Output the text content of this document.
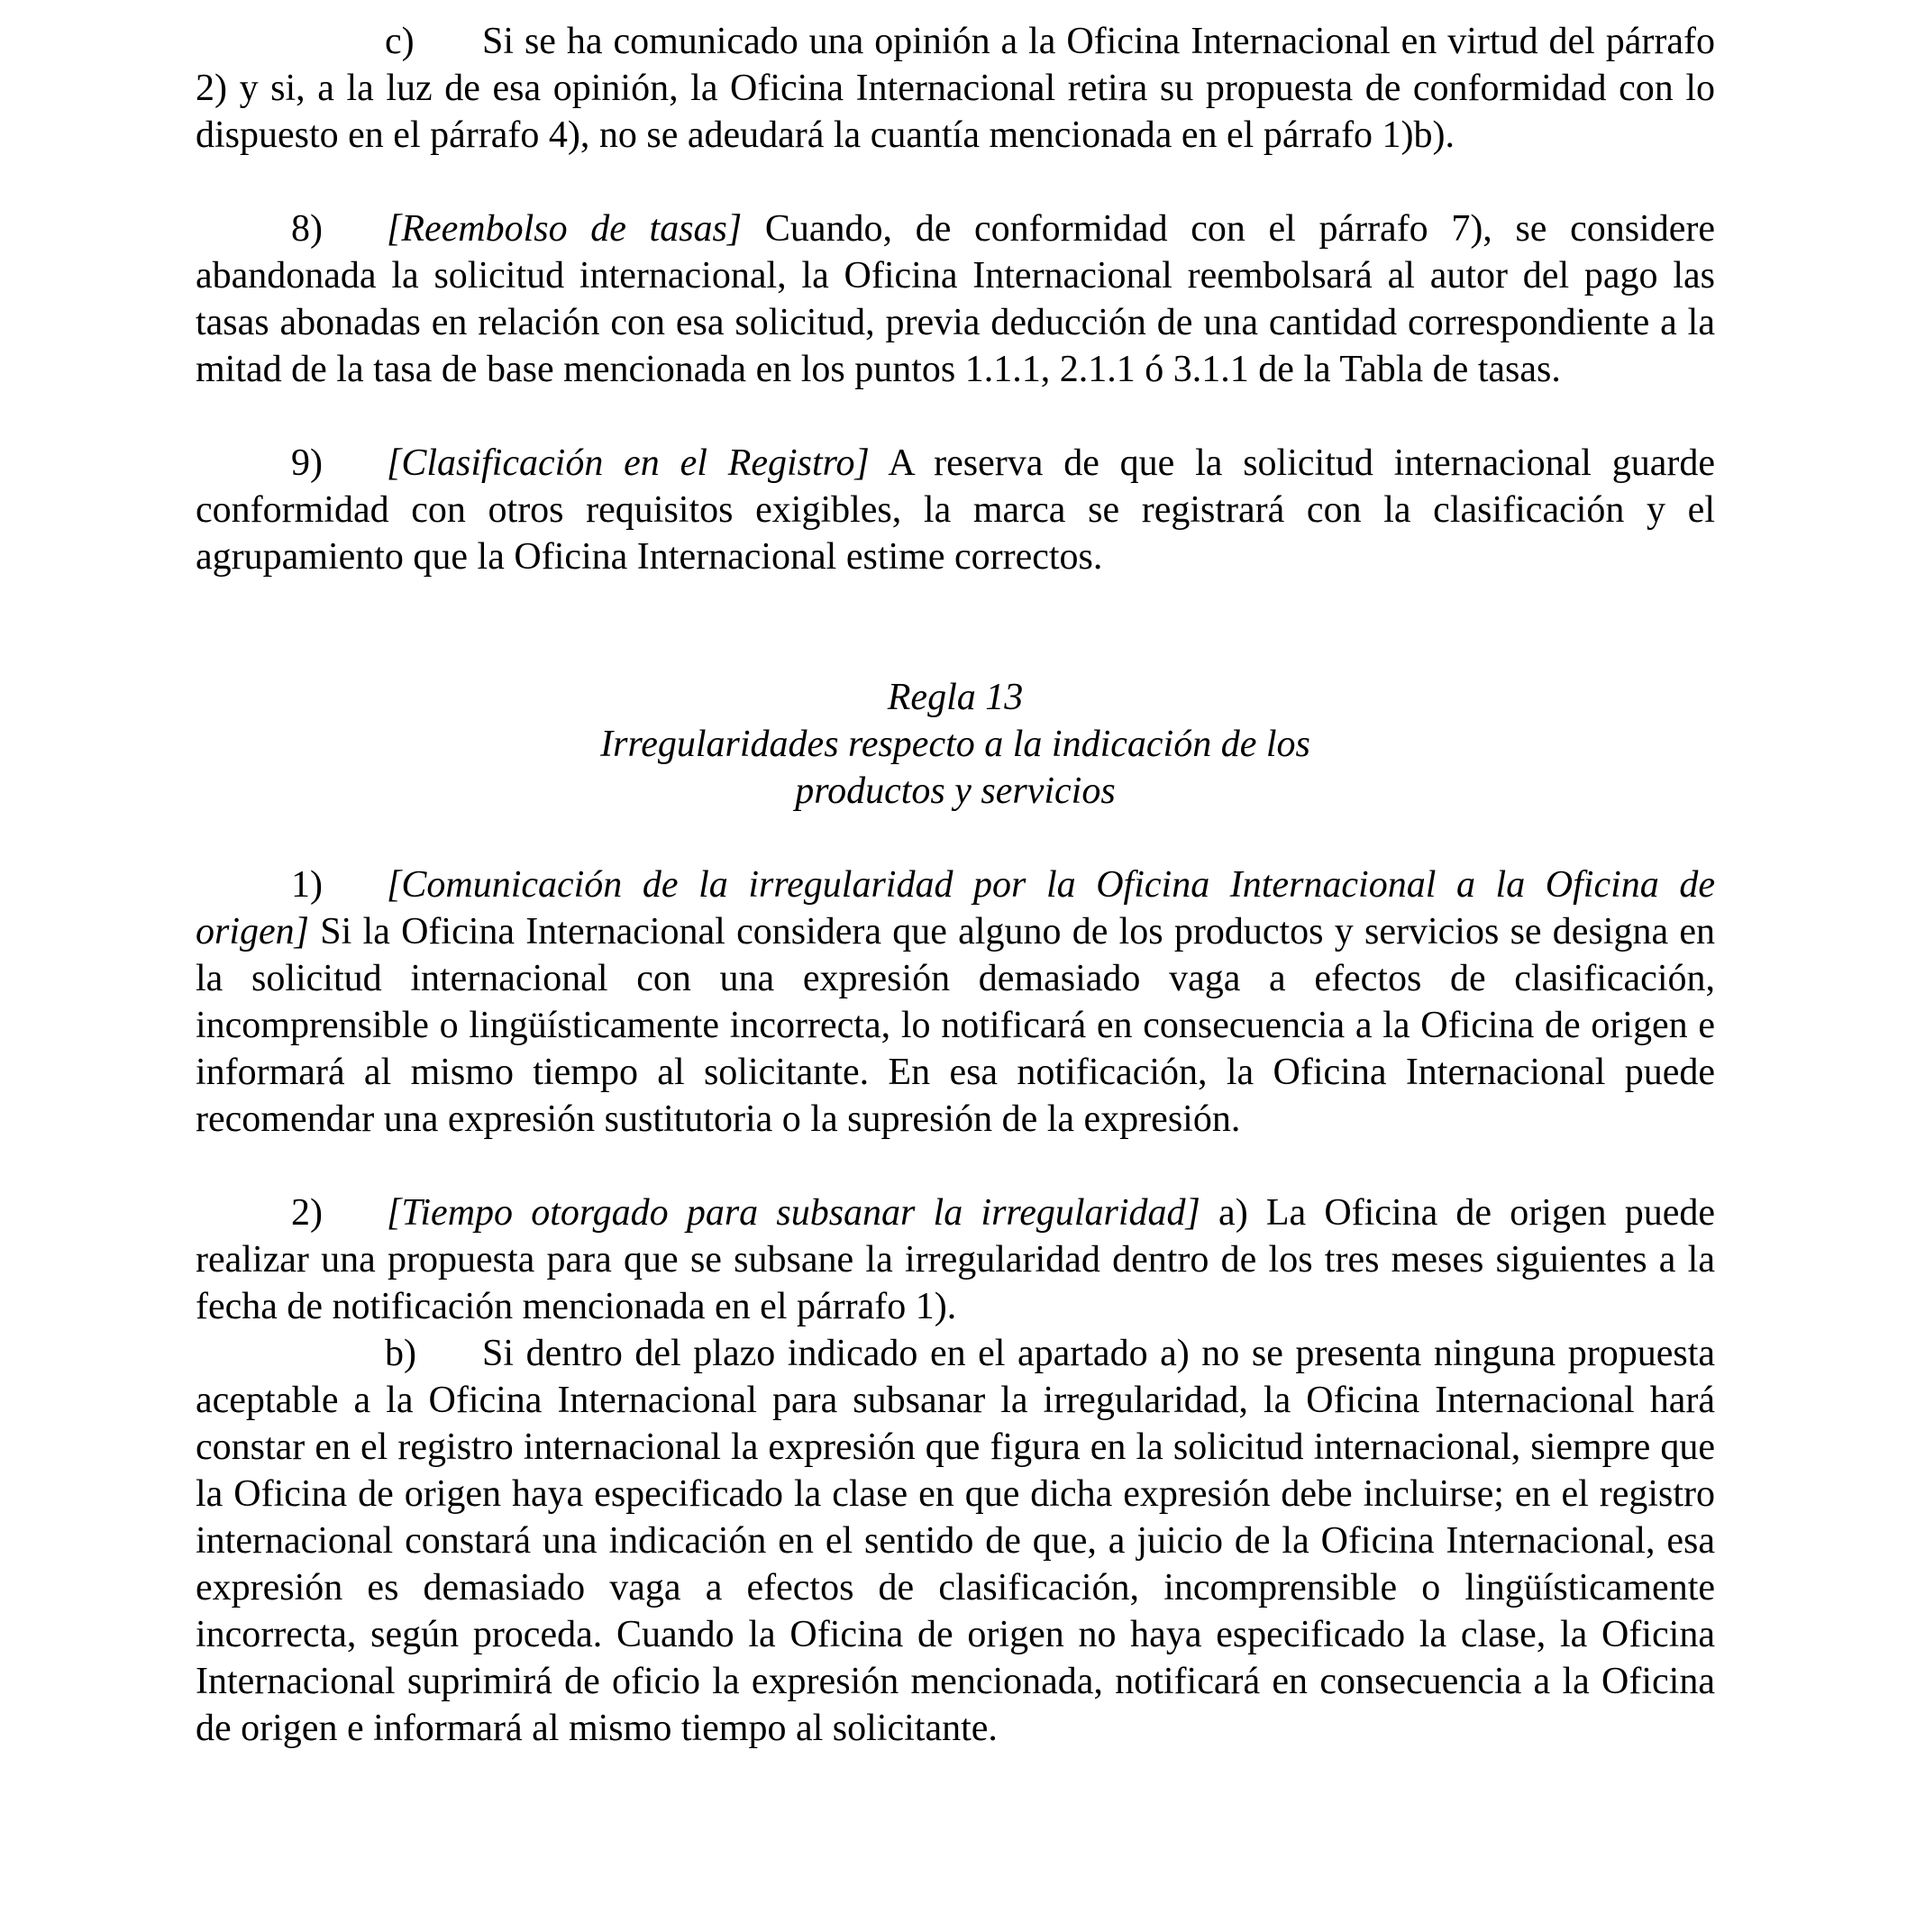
c) Si se ha comunicado una opinión a la Oficina Internacional en virtud del párrafo 2) y si, a la luz de esa opinión, la Oficina Internacional retira su propuesta de conformidad con lo dispuesto en el párrafo 4), no se adeudará la cuantía mencionada en el párrafo 1)b).

8) [Reembolso de tasas] Cuando, de conformidad con el párrafo 7), se considere abandonada la solicitud internacional, la Oficina Internacional reembolsará al autor del pago las tasas abonadas en relación con esa solicitud, previa deducción de una cantidad correspondiente a la mitad de la tasa de base mencionada en los puntos 1.1.1, 2.1.1 ó 3.1.1 de la Tabla de tasas.

9) [Clasificación en el Registro] A reserva de que la solicitud internacional guarde conformidad con otros requisitos exigibles, la marca se registrará con la clasificación y el agrupamiento que la Oficina Internacional estime correctos.

Regla 13

Irregularidades respecto a la indicación de los

productos y servicios

1) [Comunicación de la irregularidad por la Oficina Internacional a la Oficina de origen] Si la Oficina Internacional considera que alguno de los productos y servicios se designa en la solicitud internacional con una expresión demasiado vaga a efectos de clasificación, incomprensible o lingüísticamente incorrecta, lo notificará en consecuencia a la Oficina de origen e informará al mismo tiempo al solicitante. En esa notificación, la Oficina Internacional puede recomendar una expresión sustitutoria o la supresión de la expresión.

2) [Tiempo otorgado para subsanar la irregularidad] a) La Oficina de origen puede realizar una propuesta para que se subsane la irregularidad dentro de los tres meses siguientes a la fecha de notificación mencionada en el párrafo 1).

b) Si dentro del plazo indicado en el apartado a) no se presenta ninguna propuesta aceptable a la Oficina Internacional para subsanar la irregularidad, la Oficina Internacional hará constar en el registro internacional la expresión que figura en la solicitud internacional, siempre que la Oficina de origen haya especificado la clase en que dicha expresión debe incluirse; en el registro internacional constará una indicación en el sentido de que, a juicio de la Oficina Internacional, esa expresión es demasiado vaga a efectos de clasificación, incomprensible o lingüísticamente incorrecta, según proceda. Cuando la Oficina de origen no haya especificado la clase, la Oficina Internacional suprimirá de oficio la expresión mencionada, notificará en consecuencia a la Oficina de origen e informará al mismo tiempo al solicitante.
